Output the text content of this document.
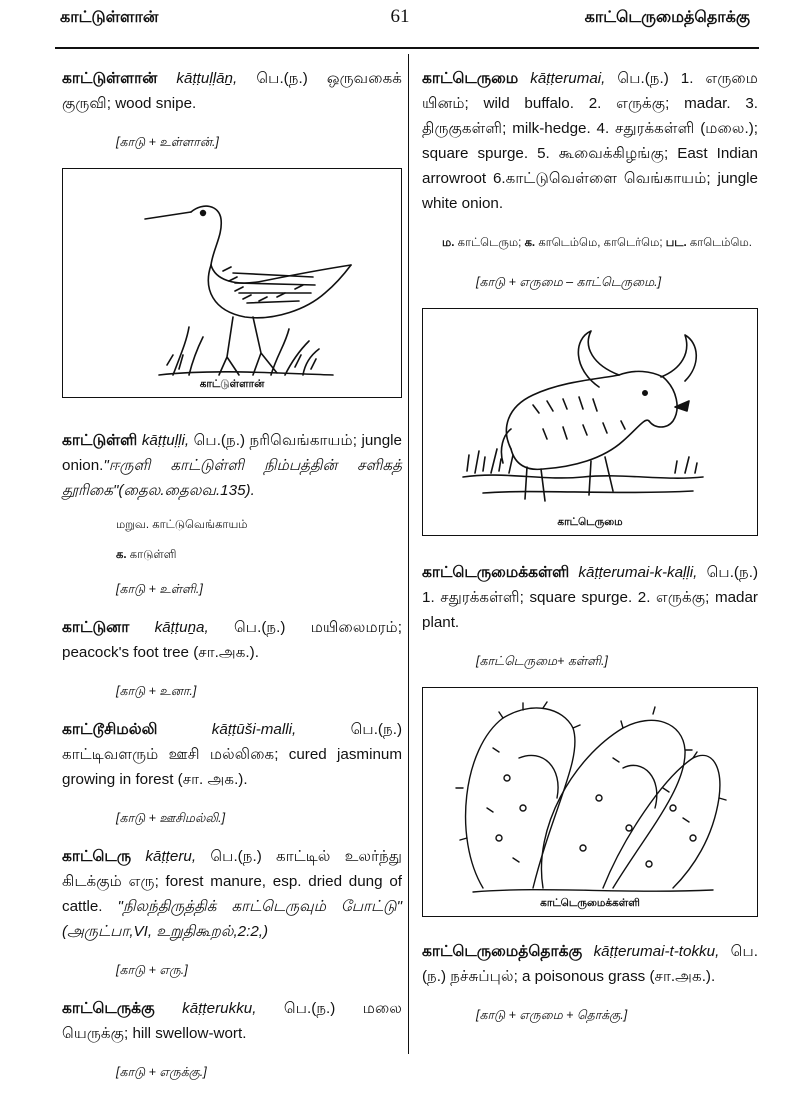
காட்டுள்ளான்	61	காட்டெருமைத்தொக்கு

காட்டுள்ளான் kāṭṭuḷḷāṉ, பெ.(ந.) ஒருவகைக் குருவி; wood snipe.

[காடு + உள்ளான்.]
காட்டுள்ளான்

காட்டுள்ளி kāṭṭuḷḷi, பெ.(ந.) நரிவெங்காயம்; jungle onion."ஈருளி காட்டுள்ளி நிம்பத்தின் சளிகத் தூரிகை"(தைல.தைலவ.135).

மறுவ. காட்டுவெங்காயம்
க. காடுள்ளி
[காடு + உள்ளி.]

காட்டுனா kāṭṭuṉa, பெ.(ந.) மயிலைமரம்; peacock's foot tree (சா.அக.).

[காடு + உனா.]

காட்டூசிமல்லி	kāṭṭūši-malli, பெ.(ந.) காட்டிவளரும் ஊசி மல்லிகை; cured jasminum growing in forest (சா. அக.).

[காடு + ஊசிமல்லி.]

காட்டெரு kāṭṭeru, பெ.(ந.) காட்டில் உலர்ந்து கிடக்கும் எரு; forest manure, esp. dried dung of cattle. "நிலந்திருத்திக் காட்டெருவும் போட்டு" (அருட்பா,VI, உறுதிகூறல்,2:2,)

[காடு + எரு.]

காட்டெருக்கு kāṭṭerukku, பெ.(ந.) மலை யெருக்கு; hill swellow-wort.

[காடு + எருக்கு.]

காட்டெருமை kāṭṭerumai, பெ.(ந.) 1. எருமை யினம்; wild buffalo. 2. எருக்கு; madar. 3. திருகுகள்ளி; milk-hedge. 4. சதுரக்கள்ளி (மலை.); square spurge. 5. கூவைக்கிழங்கு; East Indian arrowroot 6.காட்டுவெள்ளை வெங்காயம்; jungle white onion.

ம. காட்டெரும; க. காடெம்மெ, காடெர்மெ; பட. காடெம்மெ.
[காடு + எருமை – காட்டெருமை.]
காட்டெருமை

காட்டெருமைக்கள்ளி kāṭṭerumai-k-kaḷḷi, பெ.(ந.) 1. சதுரக்கள்ளி; square spurge. 2. எருக்கு; madar plant.

[காட்டெருமை+ கள்ளி.]
காட்டெருமைக்கள்ளி

காட்டெருமைத்தொக்கு kāṭṭerumai-t-tokku, பெ.(ந.) நச்சுப்புல்; a poisonous grass (சா.அக.).

[காடு + எருமை + தொக்கு.]
